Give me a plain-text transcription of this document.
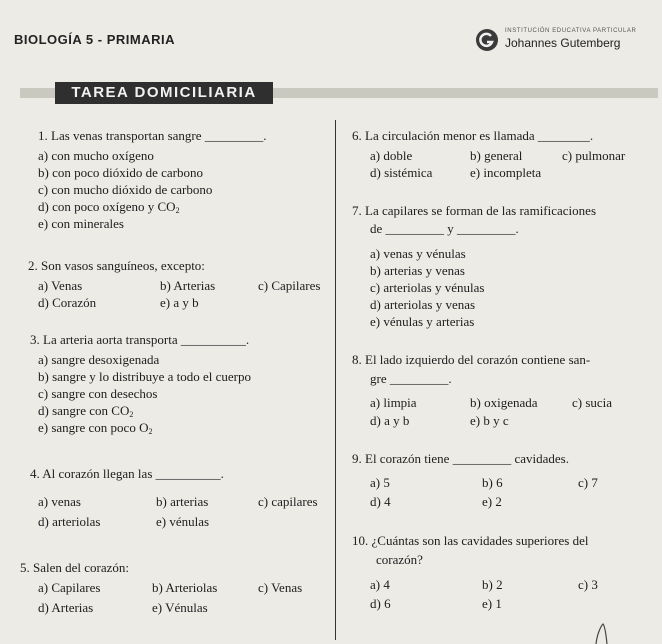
BIOLOGÍA 5 - PRIMARIA
INSTITUCIÓN EDUCATIVA PARTICULAR
Johannes Gutemberg
TAREA DOMICILIARIA
1. Las venas transportan sangre _________.
a) con mucho oxígeno
b) con poco dióxido de carbono
c) con mucho dióxido de carbono
d) con poco oxígeno y $CO_2$
e) con minerales
2. Son vasos sanguíneos, excepto:
a) Venas	b) Arterias	c) Capilares
d) Corazón	e) a y b
3. La arteria aorta transporta __________.
a) sangre desoxigenada
b) sangre y lo distribuye a todo el cuerpo
c) sangre con desechos
d) sangre con $CO_2$
e) sangre con poco $O_2$
4. Al corazón llegan las __________.
a) venas	b) arterias	c) capilares
d) arteriolas	e) vénulas
5. Salen del corazón:
a) Capilares	b) Arteriolas	c) Venas
d) Arterias	e) Vénulas
6. La circulación menor es llamada ________.
a) doble	b) general	c) pulmonar
d) sistémica	e) incompleta
7. La capilares se forman de las ramificaciones
de _________ y _________.
a) venas y vénulas
b) arterias y venas
c) arteriolas y vénulas
d) arteriolas y venas
e) vénulas y arterias
8. El lado izquierdo del corazón contiene san-
gre _________.
a) limpia	b) oxigenada	c) sucia
d) a y b	e) b y c
9. El corazón tiene _________ cavidades.
a) 5	b) 6	c) 7
d) 4	e) 2
10. ¿Cuántas son las cavidades superiores del
corazón?
a) 4	b) 2	c) 3
d) 6	e) 1
